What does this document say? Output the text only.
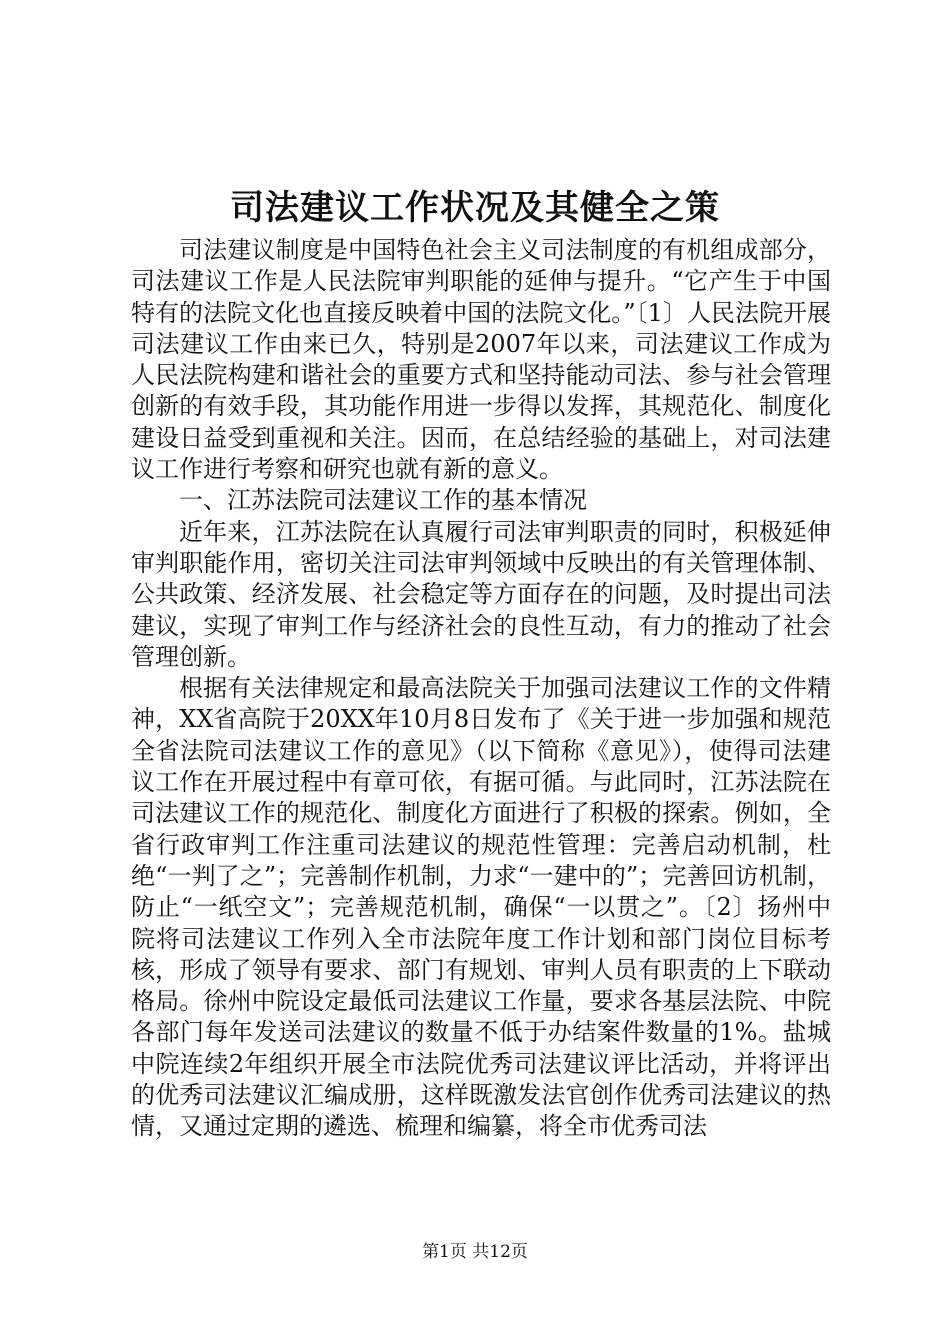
司法建议工作状况及其健全之策

司法建议制度是中国特色社会主义司法制度的有机组成部分，司法建议工作是人民法院审判职能的延伸与提升。“它产生于中国特有的法院文化也直接反映着中国的法院文化。”〔1〕人民法院开展司法建议工作由来已久，特别是2007年以来，司法建议工作成为人民法院构建和谐社会的重要方式和坚持能动司法、参与社会管理创新的有效手段，其功能作用进一步得以发挥，其规范化、制度化建设日益受到重视和关注。因而，在总结经验的基础上，对司法建议工作进行考察和研究也就有新的意义。

一、江苏法院司法建议工作的基本情况

近年来，江苏法院在认真履行司法审判职责的同时，积极延伸审判职能作用，密切关注司法审判领域中反映出的有关管理体制、公共政策、经济发展、社会稳定等方面存在的问题，及时提出司法建议，实现了审判工作与经济社会的良性互动，有力的推动了社会管理创新。

根据有关法律规定和最高法院关于加强司法建议工作的文件精神，XX省高院于20XX年10月8日发布了《关于进一步加强和规范全省法院司法建议工作的意见》（以下简称《意见》），使得司法建议工作在开展过程中有章可依，有据可循。与此同时，江苏法院在司法建议工作的规范化、制度化方面进行了积极的探索。例如，全省行政审判工作注重司法建议的规范性管理：完善启动机制，杜绝“一判了之”；完善制作机制，力求“一建中的”；完善回访机制，防止“一纸空文”；完善规范机制，确保“一以贯之”。〔2〕扬州中院将司法建议工作列入全市法院年度工作计划和部门岗位目标考核，形成了领导有要求、部门有规划、审判人员有职责的上下联动格局。徐州中院设定最低司法建议工作量，要求各基层法院、中院各部门每年发送司法建议的数量不低于办结案件数量的1%。盐城中院连续2年组织开展全市法院优秀司法建议评比活动，并将评出的优秀司法建议汇编成册，这样既激发法官创作优秀司法建议的热情，又通过定期的遴选、梳理和编纂，将全市优秀司法

第1页 共12页
